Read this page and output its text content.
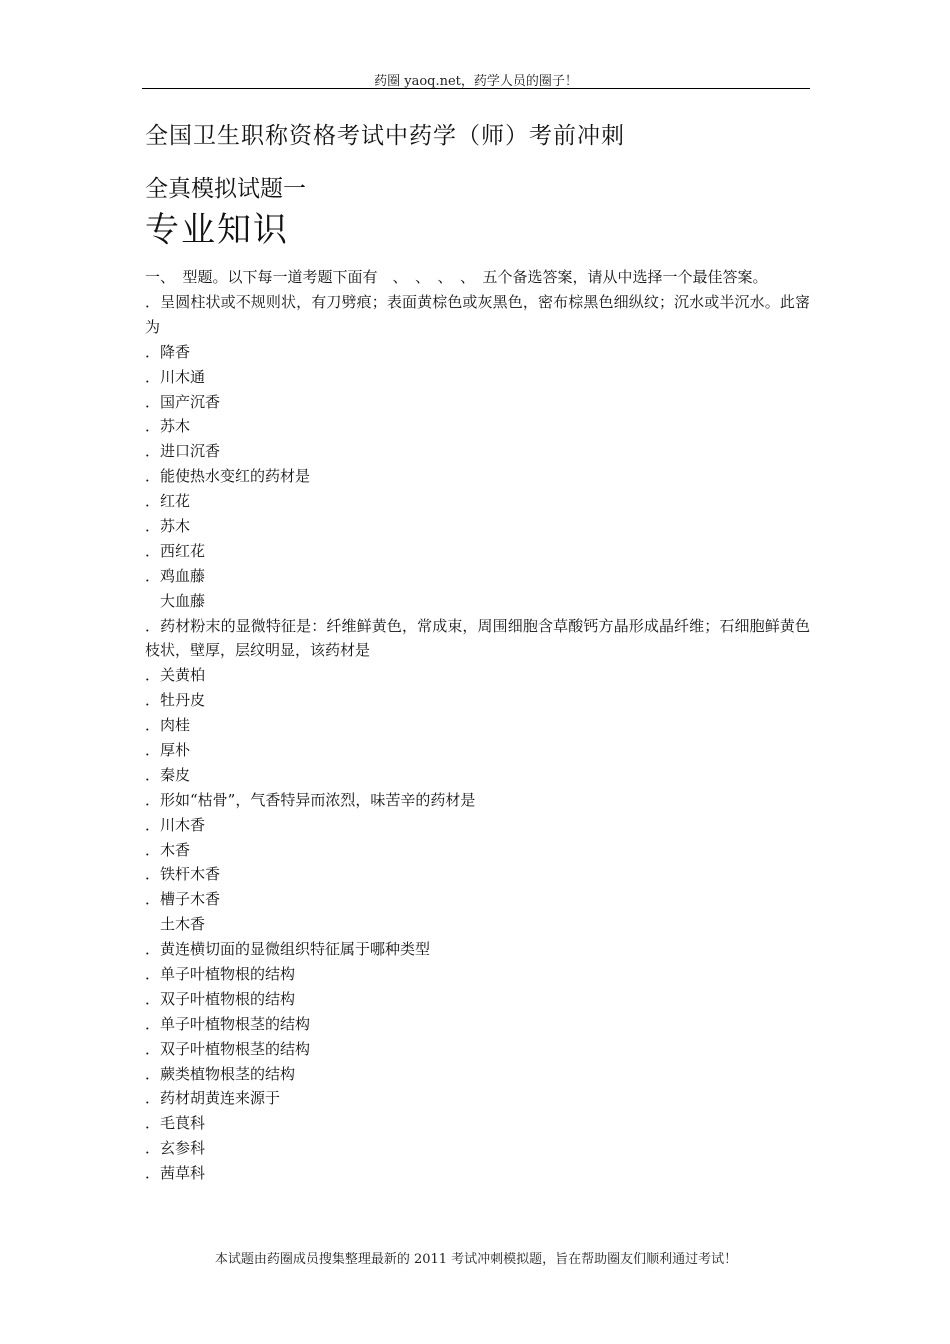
药圈 yaoq.net，药学人员的圈子！
全国卫生职称资格考试中药学（师）考前冲刺
全真模拟试题一
专业知识
一、　型题。以下每一道考题下面有　、　、　、　、　五个备选答案，请从中选择一个最佳答案。
．呈圆柱状或不规则状，有刀劈痕；表面黄棕色或灰黑色，密布棕黑色细纵纹；沉水或半沉水。此宻为
．降香
．川木通
．国产沉香
．苏木
．进口沉香
．能使热水变红的药材是
．红花
．苏木
．西红花
．鸡血藤
　大血藤
．药材粉末的显微特征是：纤维鲜黄色，常成束，周围细胞含草酸钙方晶形成晶纤维；石细胞鲜黄色枝状，壁厚，层纹明显，该药材是
．关黄柏
．牡丹皮
．肉桂
．厚朴
．秦皮
．形如“枯骨”，气香特异而浓烈，味苦辛的药材是
．川木香
．木香
．铁杆木香
．槽子木香
　土木香
．黄连横切面的显微组织特征属于哪种类型
．单子叶植物根的结构
．双子叶植物根的结构
．单子叶植物根茎的结构
．双子叶植物根茎的结构
．蕨类植物根茎的结构
．药材胡黄连来源于
．毛茛科
．玄参科
．茜草科
本试题由药圈成员搜集整理最新的 2011 考试冲刺模拟题，旨在帮助圈友们顺利通过考试！
